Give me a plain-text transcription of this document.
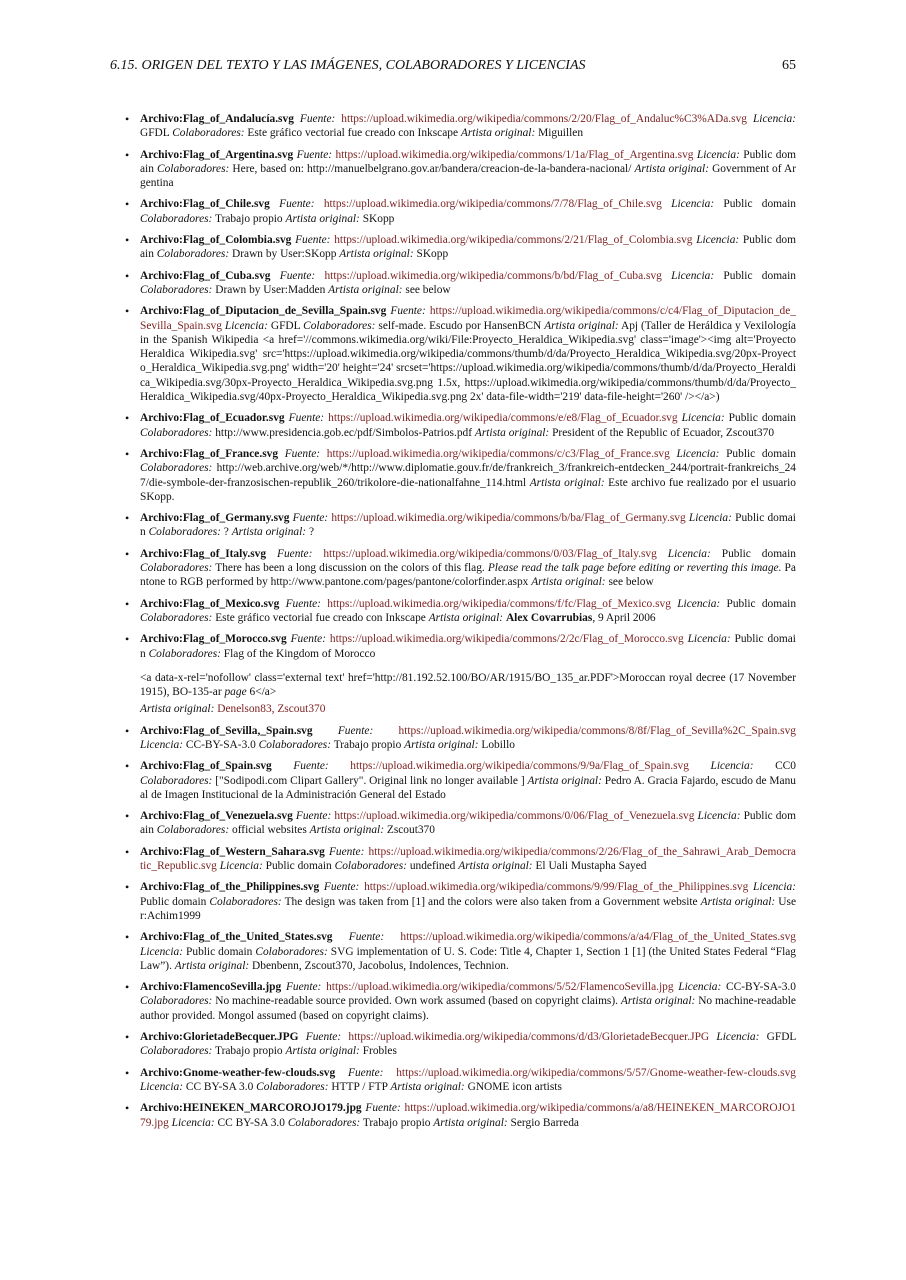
6.15. ORIGEN DEL TEXTO Y LAS IMÁGENES, COLABORADORES Y LICENCIAS	65
• Archivo:Flag_of_Andalucía.svg Fuente: https://upload.wikimedia.org/wikipedia/commons/2/20/Flag_of_Andaluc%C3%ADa.svg Licencia: GFDL Colaboradores: Este gráfico vectorial fue creado con Inkscape Artista original: Miguillen
• Archivo:Flag_of_Argentina.svg Fuente: https://upload.wikimedia.org/wikipedia/commons/1/1a/Flag_of_Argentina.svg Licencia: Public domain Colaboradores: Here, based on: http://manuelbelgrano.gov.ar/bandera/creacion-de-la-bandera-nacional/ Artista original: Government of Argentina
• Archivo:Flag_of_Chile.svg Fuente: https://upload.wikimedia.org/wikipedia/commons/7/78/Flag_of_Chile.svg Licencia: Public domain Colaboradores: Trabajo propio Artista original: SKopp
• Archivo:Flag_of_Colombia.svg Fuente: https://upload.wikimedia.org/wikipedia/commons/2/21/Flag_of_Colombia.svg Licencia: Public domain Colaboradores: Drawn by User:SKopp Artista original: SKopp
• Archivo:Flag_of_Cuba.svg Fuente: https://upload.wikimedia.org/wikipedia/commons/b/bd/Flag_of_Cuba.svg Licencia: Public domain Colaboradores: Drawn by User:Madden Artista original: see below
• Archivo:Flag_of_Diputacion_de_Sevilla_Spain.svg Fuente: https://upload.wikimedia.org/wikipedia/commons/c/c4/Flag_of_Diputacion_de_Sevilla_Spain.svg Licencia: GFDL Colaboradores: self-made. Escudo por HansenBCN Artista original: Apj (Taller de Heráldica y Vexilología in the Spanish Wikipedia <a href='//commons.wikimedia.org/wiki/File:Proyecto_Heraldica_Wikipedia.svg' class='image'><img alt='Proyecto Heraldica Wikipedia.svg' src='https://upload.wikimedia.org/wikipedia/commons/thumb/d/da/Proyecto_Heraldica_Wikipedia.svg/20px-Proyecto_Heraldica_Wikipedia.svg.png' width='20' height='24' srcset='https://upload.wikimedia.org/wikipedia/commons/thumb/d/da/Proyecto_Heraldica_Wikipedia.svg/30px-Proyecto_Heraldica_Wikipedia.svg.png 1.5x, https://upload.wikimedia.org/wikipedia/commons/thumb/d/da/Proyecto_Heraldica_Wikipedia.svg/40px-Proyecto_Heraldica_Wikipedia.svg.png 2x' data-file-width='219' data-file-height='260' /></a>)
• Archivo:Flag_of_Ecuador.svg Fuente: https://upload.wikimedia.org/wikipedia/commons/e/e8/Flag_of_Ecuador.svg Licencia: Public domain Colaboradores: http://www.presidencia.gob.ec/pdf/Simbolos-Patrios.pdf Artista original: President of the Republic of Ecuador, Zscout370
• Archivo:Flag_of_France.svg Fuente: https://upload.wikimedia.org/wikipedia/commons/c/c3/Flag_of_France.svg Licencia: Public domain Colaboradores: http://web.archive.org/web/*/http://www.diplomatie.gouv.fr/de/frankreich_3/frankreich-entdecken_244/portrait-frankreichs_247/die-symbole-der-franzosischen-republik_260/trikolore-die-nationalfahne_114.html Artista original: Este archivo fue realizado por el usuario SKopp.
• Archivo:Flag_of_Germany.svg Fuente: https://upload.wikimedia.org/wikipedia/commons/b/ba/Flag_of_Germany.svg Licencia: Public domain Colaboradores: ? Artista original: ?
• Archivo:Flag_of_Italy.svg Fuente: https://upload.wikimedia.org/wikipedia/commons/0/03/Flag_of_Italy.svg Licencia: Public domain Colaboradores: There has been a long discussion on the colors of this flag. Please read the talk page before editing or reverting this image. Pantone to RGB performed by http://www.pantone.com/pages/pantone/colorfinder.aspx Artista original: see below
• Archivo:Flag_of_Mexico.svg Fuente: https://upload.wikimedia.org/wikipedia/commons/f/fc/Flag_of_Mexico.svg Licencia: Public domain Colaboradores: Este gráfico vectorial fue creado con Inkscape Artista original: Alex Covarrubias, 9 April 2006
• Archivo:Flag_of_Morocco.svg Fuente: https://upload.wikimedia.org/wikipedia/commons/2/2c/Flag_of_Morocco.svg Licencia: Public domain Colaboradores: Flag of the Kingdom of Morocco
<a data-x-rel='nofollow' class='external text' href='http://81.192.52.100/BO/AR/1915/BO_135_ar.PDF'>Moroccan royal decree (17 November 1915), BO-135-ar page 6</a>
Artista original: Denelson83, Zscout370
• Archivo:Flag_of_Sevilla,_Spain.svg Fuente: https://upload.wikimedia.org/wikipedia/commons/8/8f/Flag_of_Sevilla%2C_Spain.svg Licencia: CC-BY-SA-3.0 Colaboradores: Trabajo propio Artista original: Lobillo
• Archivo:Flag_of_Spain.svg Fuente: https://upload.wikimedia.org/wikipedia/commons/9/9a/Flag_of_Spain.svg Licencia: CC0 Colaboradores: ["Sodipodi.com Clipart Gallery". Original link no longer available ] Artista original: Pedro A. Gracia Fajardo, escudo de Manual de Imagen Institucional de la Administración General del Estado
• Archivo:Flag_of_Venezuela.svg Fuente: https://upload.wikimedia.org/wikipedia/commons/0/06/Flag_of_Venezuela.svg Licencia: Public domain Colaboradores: official websites Artista original: Zscout370
• Archivo:Flag_of_Western_Sahara.svg Fuente: https://upload.wikimedia.org/wikipedia/commons/2/26/Flag_of_the_Sahrawi_Arab_Democratic_Republic.svg Licencia: Public domain Colaboradores: undefined Artista original: El Uali Mustapha Sayed
• Archivo:Flag_of_the_Philippines.svg Fuente: https://upload.wikimedia.org/wikipedia/commons/9/99/Flag_of_the_Philippines.svg Licencia: Public domain Colaboradores: The design was taken from [1] and the colors were also taken from a Government website Artista original: User:Achim1999
• Archivo:Flag_of_the_United_States.svg Fuente: https://upload.wikimedia.org/wikipedia/commons/a/a4/Flag_of_the_United_States.svg Licencia: Public domain Colaboradores: SVG implementation of U. S. Code: Title 4, Chapter 1, Section 1 [1] (the United States Federal “Flag Law”). Artista original: Dbenbenn, Zscout370, Jacobolus, Indolences, Technion.
• Archivo:FlamencoSevilla.jpg Fuente: https://upload.wikimedia.org/wikipedia/commons/5/52/FlamencoSevilla.jpg Licencia: CC-BY-SA-3.0 Colaboradores: No machine-readable source provided. Own work assumed (based on copyright claims). Artista original: No machine-readable author provided. Mongol assumed (based on copyright claims).
• Archivo:GlorietadeBecquer.JPG Fuente: https://upload.wikimedia.org/wikipedia/commons/d/d3/GlorietadeBecquer.JPG Licencia: GFDL Colaboradores: Trabajo propio Artista original: Frobles
• Archivo:Gnome-weather-few-clouds.svg Fuente: https://upload.wikimedia.org/wikipedia/commons/5/57/Gnome-weather-few-clouds.svg Licencia: CC BY-SA 3.0 Colaboradores: HTTP / FTP Artista original: GNOME icon artists
• Archivo:HEINEKEN_MARCOROJO179.jpg Fuente: https://upload.wikimedia.org/wikipedia/commons/a/a8/HEINEKEN_MARCOROJO179.jpg Licencia: CC BY-SA 3.0 Colaboradores: Trabajo propio Artista original: Sergio Barreda
